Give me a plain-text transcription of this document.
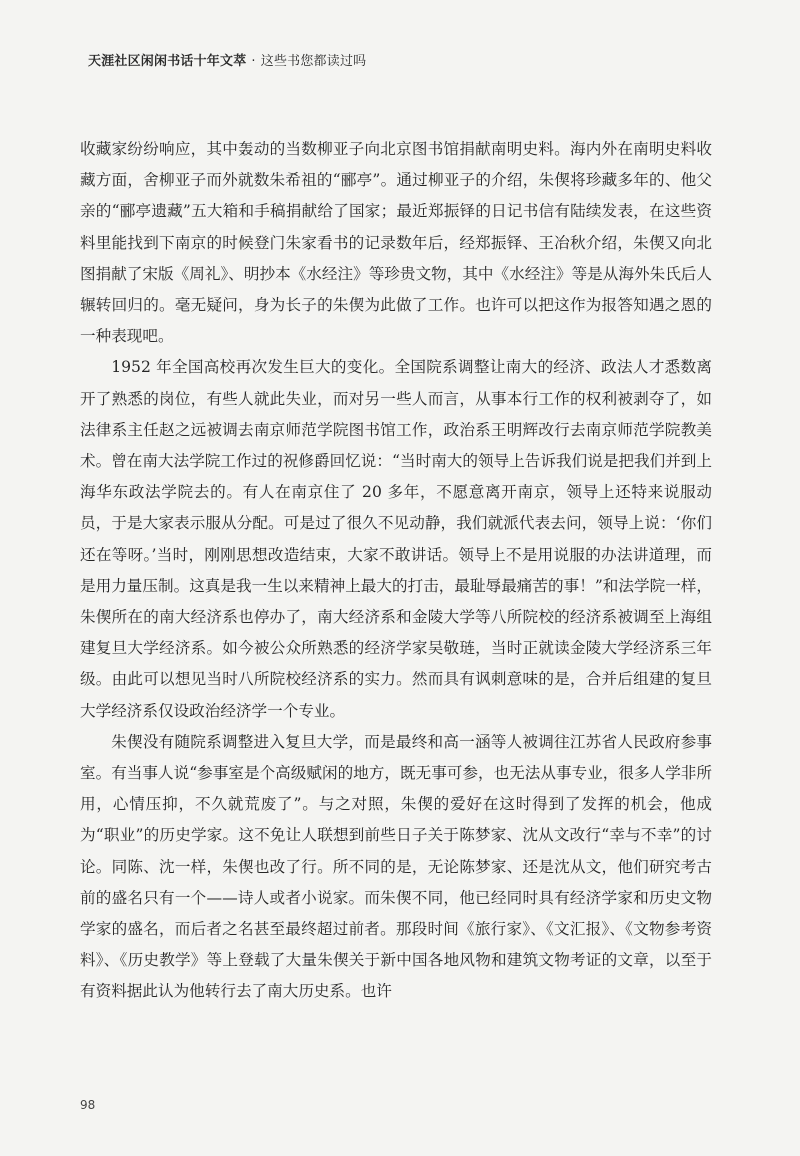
天涯社区闲闲书话十年文萃 · 这些书您都读过吗

收藏家纷纷响应，其中轰动的当数柳亚子向北京图书馆捐献南明史料。海内外在南明史料收藏方面，舍柳亚子而外就数朱希祖的“郦亭”。通过柳亚子的介绍，朱偰将珍藏多年的、他父亲的“郦亭遗藏”五大箱和手稿捐献给了国家；最近郑振铎的日记书信有陆续发表，在这些资料里能找到下南京的时候登门朱家看书的记录数年后，经郑振铎、王冶秋介绍，朱偰又向北图捐献了宋版《周礼》、明抄本《水经注》等珍贵文物，其中《水经注》等是从海外朱氏后人辗转回归的。毫无疑问，身为长子的朱偰为此做了工作。也许可以把这作为报答知遇之恩的一种表现吧。

1952 年全国高校再次发生巨大的变化。全国院系调整让南大的经济、政法人才悉数离开了熟悉的岗位，有些人就此失业，而对另一些人而言，从事本行工作的权利被剥夺了，如法律系主任赵之远被调去南京师范学院图书馆工作，政治系王明辉改行去南京师范学院教美术。曾在南大法学院工作过的祝修爵回忆说：“当时南大的领导上告诉我们说是把我们并到上海华东政法学院去的。有人在南京住了 20 多年，不愿意离开南京，领导上还特来说服动员，于是大家表示服从分配。可是过了很久不见动静，我们就派代表去问，领导上说：‘你们还在等呀。’当时，刚刚思想改造结束，大家不敢讲话。领导上不是用说服的办法讲道理，而是用力量压制。这真是我一生以来精神上最大的打击，最耻辱最痛苦的事！”和法学院一样，朱偰所在的南大经济系也停办了，南大经济系和金陵大学等八所院校的经济系被调至上海组建复旦大学经济系。如今被公众所熟悉的经济学家吴敬琏，当时正就读金陵大学经济系三年级。由此可以想见当时八所院校经济系的实力。然而具有讽刺意味的是，合并后组建的复旦大学经济系仅设政治经济学一个专业。

朱偰没有随院系调整进入复旦大学，而是最终和高一涵等人被调往江苏省人民政府参事室。有当事人说“参事室是个高级赋闲的地方，既无事可参，也无法从事专业，很多人学非所用，心情压抑，不久就荒废了”。与之对照，朱偰的爱好在这时得到了发挥的机会，他成为“职业”的历史学家。这不免让人联想到前些日子关于陈梦家、沈从文改行“幸与不幸”的讨论。同陈、沈一样，朱偰也改了行。所不同的是，无论陈梦家、还是沈从文，他们研究考古前的盛名只有一个——诗人或者小说家。而朱偰不同，他已经同时具有经济学家和历史文物学家的盛名，而后者之名甚至最终超过前者。那段时间《旅行家》、《文汇报》、《文物参考资料》、《历史教学》等上登载了大量朱偰关于新中国各地风物和建筑文物考证的文章，以至于有资料据此认为他转行去了南大历史系。也许

98
